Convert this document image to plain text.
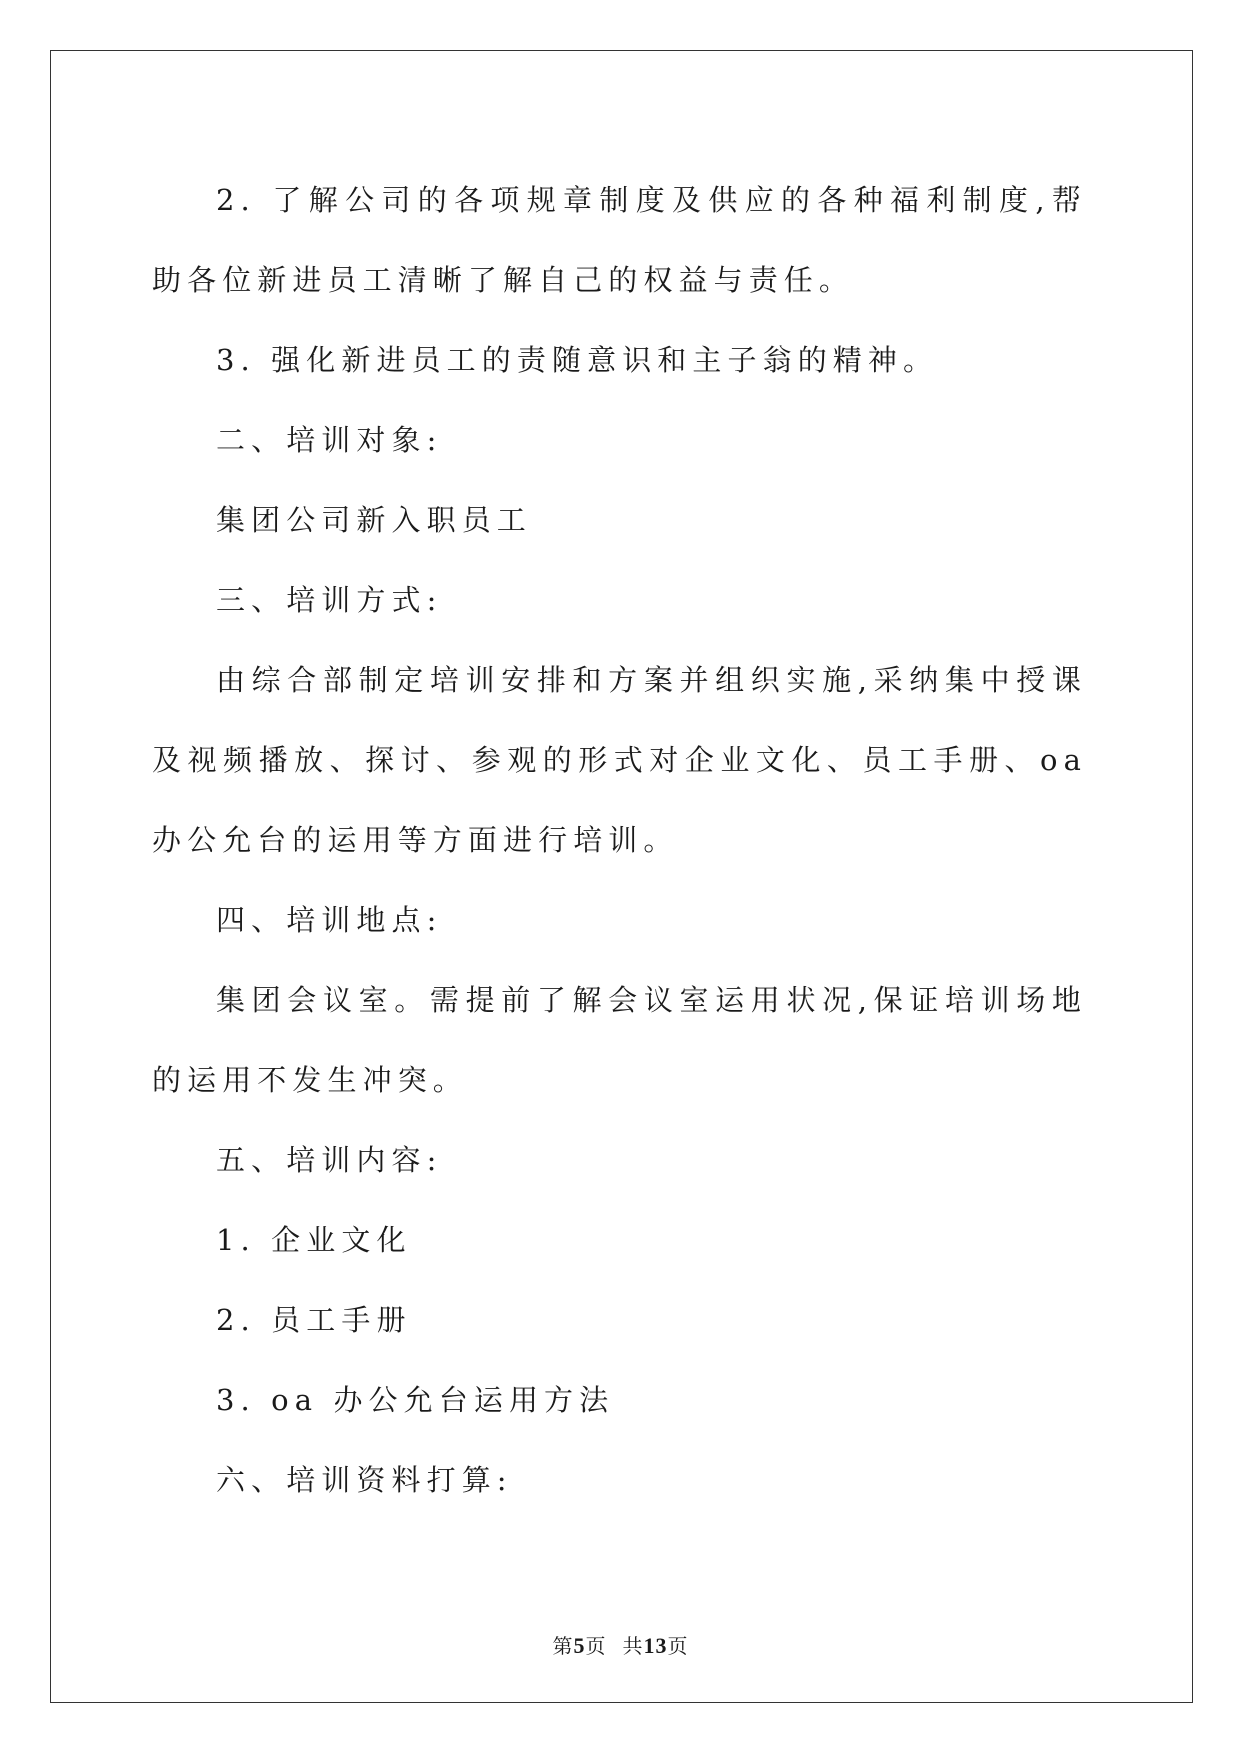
2. 了解公司的各项规章制度及供应的各种福利制度,帮助各位新进员工清晰了解自己的权益与责任。

3. 强化新进员工的责随意识和主子翁的精神。

二、培训对象:

集团公司新入职员工

三、培训方式:

由综合部制定培训安排和方案并组织实施,采纳集中授课及视频播放、探讨、参观的形式对企业文化、员工手册、oa 办公允台的运用等方面进行培训。

四、培训地点:

集团会议室。需提前了解会议室运用状况,保证培训场地的运用不发生冲突。

五、培训内容:

1. 企业文化

2. 员工手册

3. oa 办公允台运用方法

六、培训资料打算:

第5页 共13页
